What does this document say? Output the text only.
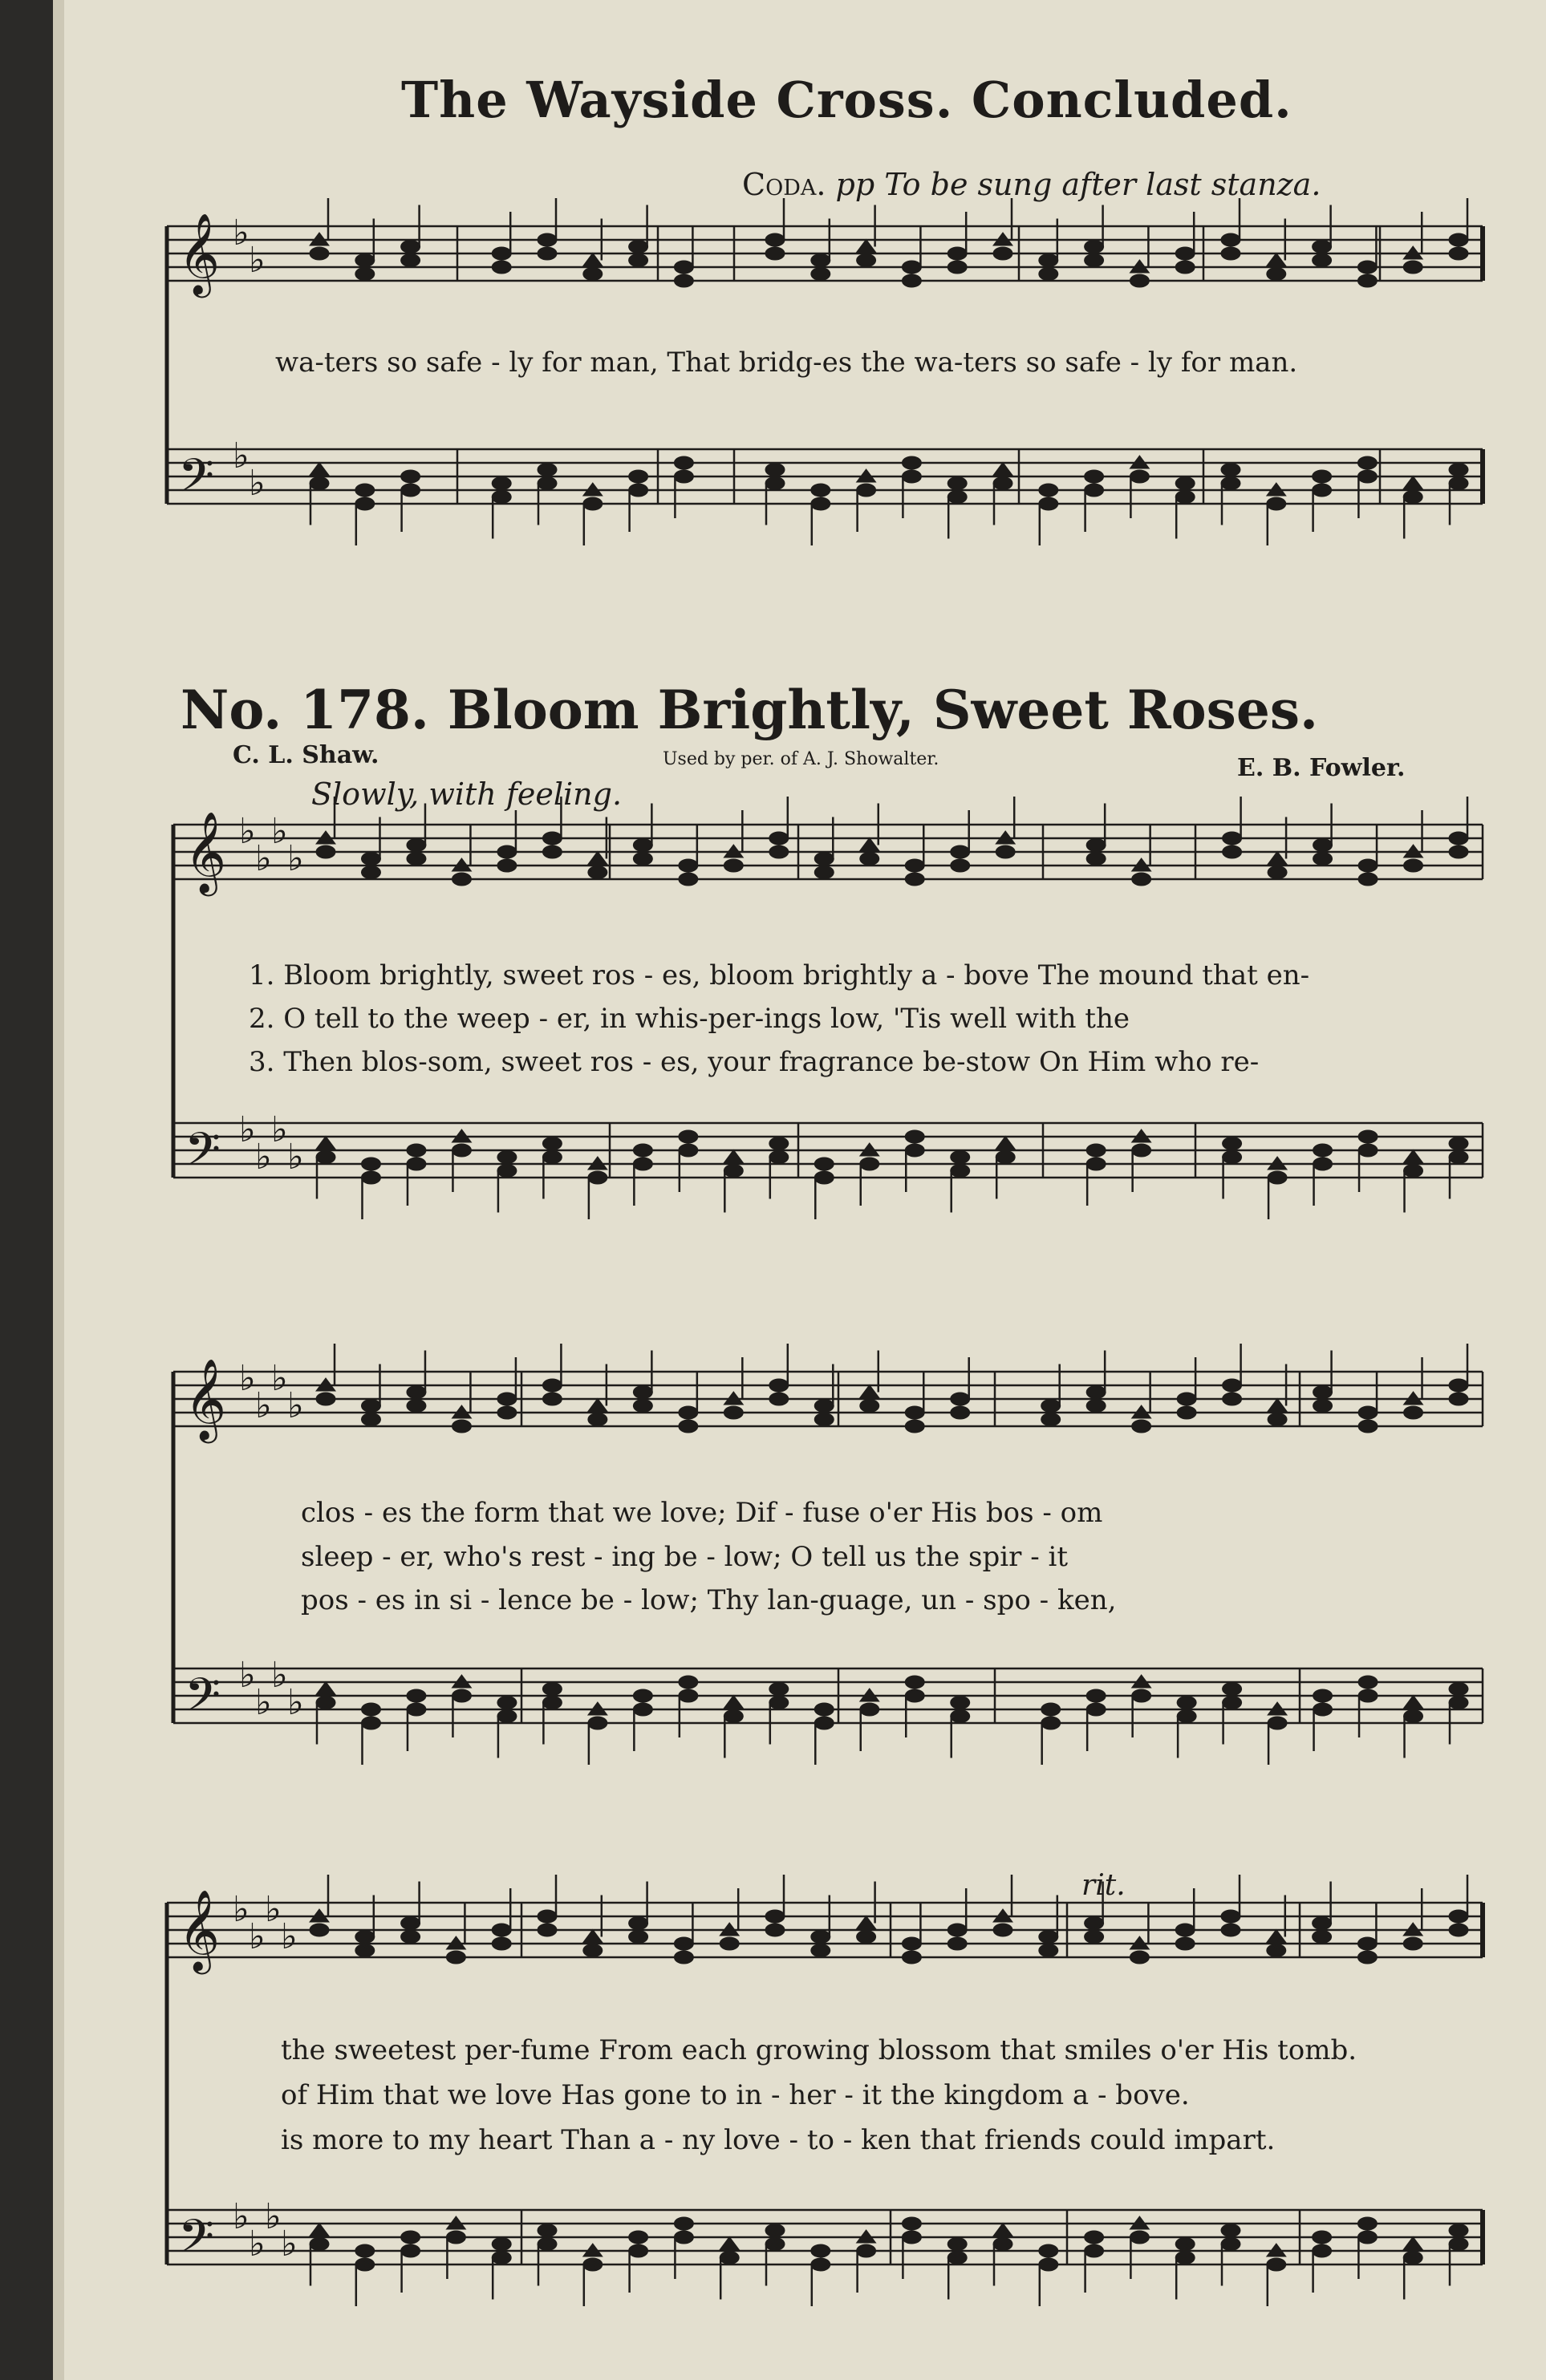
𝄞 ♭
♭
𝄢 ♭
♭
𝄞 ♭
♭
♭
♭
𝄢 ♭
♭
♭
♭
𝄞 ♭
♭
♭
♭
𝄢 ♭
♭
♭
♭
𝄞 ♭
♭
♭
♭
𝄢 ♭
♭
♭
♭
The Wayside Cross. Concluded.
Coda. pp To be sung after last stanza.
wa-ters so safe - ly for man, That bridg-es the wa-ters so safe - ly for man.
No. 178. Bloom Brightly, Sweet Roses.
C. L. Shaw.	Used by per. of A. J. Showalter.	E. B. Fowler.
Slowly, with feeling.
1. Bloom brightly, sweet ros - es, bloom brightly a - bove The mound that en-
2. O tell to the weep - er, in whis-per-ings low, 'Tis well with the
3. Then blos-som, sweet ros - es, your fragrance be-stow On Him who re-
clos - es the form that we love; Dif - fuse o'er His bos - om
sleep - er, who's rest - ing be - low; O tell us the spir - it
pos - es in si - lence be - low; Thy lan-guage, un - spo - ken,
rit.
the sweetest per-fume From each growing blossom that smiles o'er His tomb.
of Him that we love Has gone to in - her - it the kingdom a - bove.
is more to my heart Than a - ny love - to - ken that friends could impart.
